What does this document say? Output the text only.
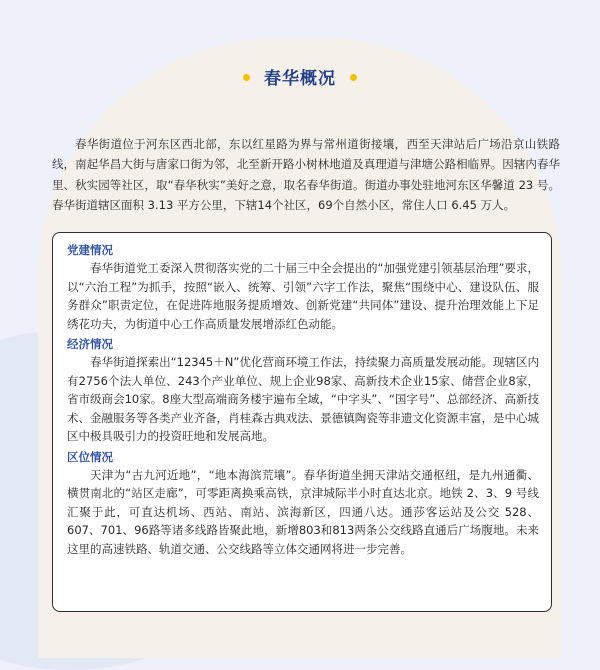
春华概况

春华街道位于河东区西北部，东以红星路为界与常州道街接壤，西至天津站后广场沿京山铁路线，南起华昌大街与唐家口街为邻，北至新开路小树林地道及真理道与津塘公路相临界。因辖内春华里、秋实园等社区，取“春华秋实”美好之意，取名春华街道。街道办事处驻地河东区华馨道 23 号。春华街道辖区面积 3.13 平方公里，下辖14个社区，69个自然小区，常住人口 6.45 万人。

党建情况

春华街道党工委深入贯彻落实党的二十届三中全会提出的“加强党建引领基层治理”要求，以“六治工程”为抓手，按照“嵌入、统筹、引领”六字工作法，聚焦“围绕中心、建设队伍、服务群众”职责定位，在促进阵地服务提质增效、创新党建“共同体”建设、提升治理效能上下足绣花功夫，为街道中心工作高质量发展增添红色动能。

经济情况

春华街道探索出“12345＋N”优化营商环境工作法，持续聚力高质量发展动能。现辖区内有2756个法人单位、243个产业单位、规上企业98家、高新技术企业15家、储营企业8家，省市级商会10家。8座大型高端商务楼宇遍布全域，“中字头”、“国字号”、总部经济、高新技术、金融服务等各类产业齐备，肖桂森古典戏法、景德镇陶瓷等非遗文化资源丰富，是中心城区中极具吸引力的投资旺地和发展高地。

区位情况

天津为“古九河近地”，“地本海滨荒壤”。春华街道坐拥天津站交通枢纽，是九州通衢、横贯南北的“站区走廊”，可零距离换乘高铁，京津城际半小时直达北京。地铁 2、3、9 号线汇聚于此，可直达机场、西站、南站、滨海新区，四通八达。通莎客运站及公交 528、607、701、96路等诸多线路皆聚此地，新增803和813两条公交线路直通后广场腹地。未来这里的高速铁路、轨道交通、公交线路等立体交通网将进一步完善。
